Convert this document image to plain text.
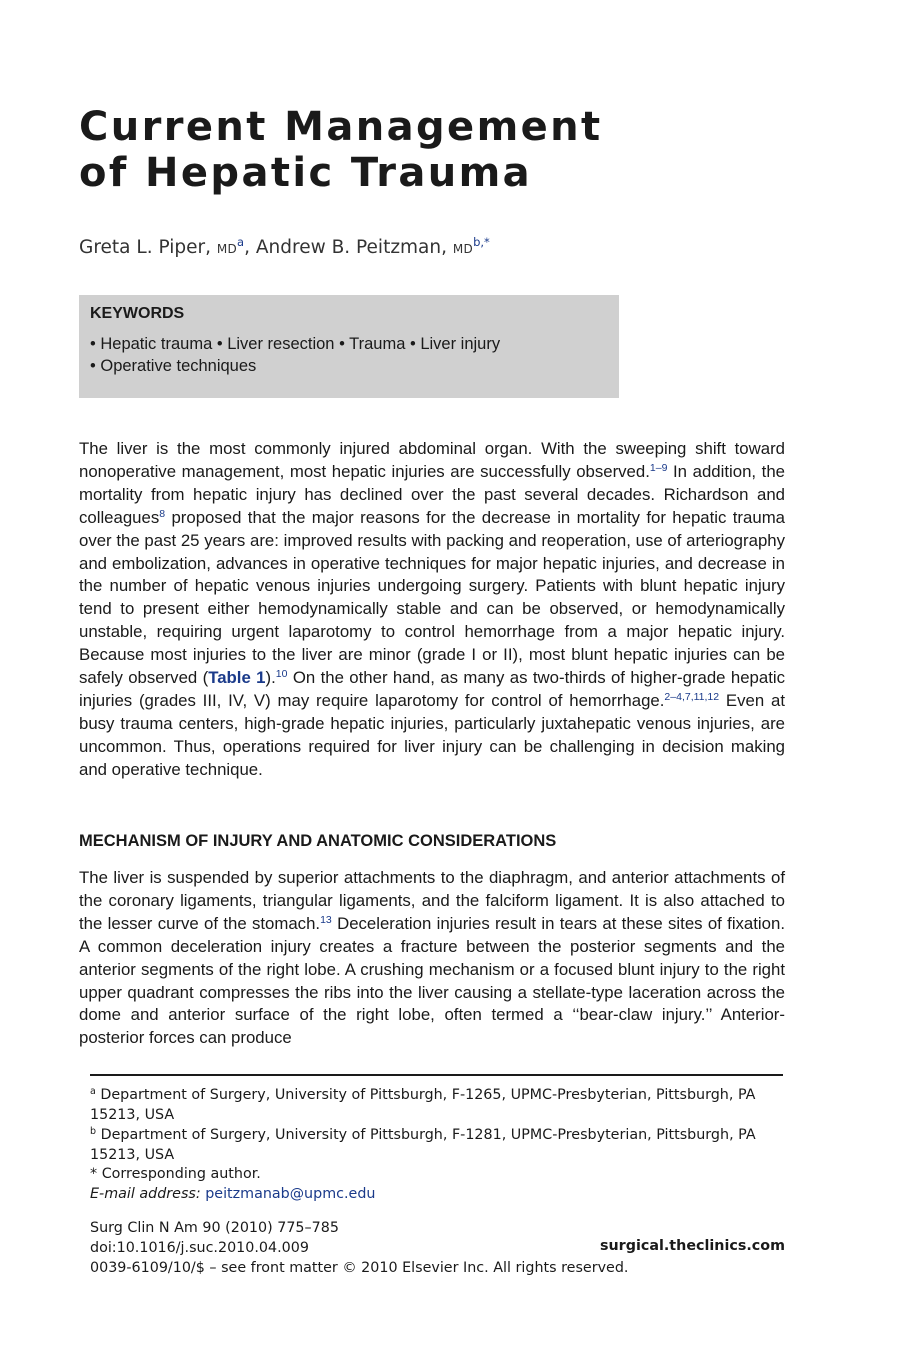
Current Management
of Hepatic Trauma
Greta L. Piper, $MD^a$, Andrew B. Peitzman, $MD^{b,*}$
KEYWORDS
• Hepatic trauma • Liver resection • Trauma • Liver injury
• Operative techniques

The liver is the most commonly injured abdominal organ. With the sweeping shift toward nonoperative management, most hepatic injuries are successfully observed.$^{1-9}$ In addition, the mortality from hepatic injury has declined over the past several decades. Richardson and colleagues$^8$ proposed that the major reasons for the decrease in mortality for hepatic trauma over the past 25 years are: improved results with packing and reoperation, use of arteriography and embolization, advances in operative techniques for major hepatic injuries, and decrease in the number of hepatic venous injuries undergoing surgery. Patients with blunt hepatic injury tend to present either hemodynamically stable and can be observed, or hemodynamically unstable, requiring urgent laparotomy to control hemorrhage from a major hepatic injury. Because most injuries to the liver are minor (grade I or II), most blunt hepatic injuries can be safely observed (Table 1).$^{10}$ On the other hand, as many as two-thirds of higher-grade hepatic injuries (grades III, IV, V) may require laparotomy for control of hemorrhage.$^{2-4,7,11,12}$ Even at busy trauma centers, high-grade hepatic injuries, particularly juxtahepatic venous injuries, are uncommon. Thus, operations required for liver injury can be challenging in decision making and operative technique.

MECHANISM OF INJURY AND ANATOMIC CONSIDERATIONS

The liver is suspended by superior attachments to the diaphragm, and anterior attachments of the coronary ligaments, triangular ligaments, and the falciform ligament. It is also attached to the lesser curve of the stomach.$^{13}$ Deceleration injuries result in tears at these sites of fixation. A common deceleration injury creates a fracture between the posterior segments and the anterior segments of the right lobe. A crushing mechanism or a focused blunt injury to the right upper quadrant compresses the ribs into the liver causing a stellate-type laceration across the dome and anterior surface of the right lobe, often termed a ‘‘bear-claw injury.’’ Anterior-posterior forces can produce

$^a$ Department of Surgery, University of Pittsburgh, F-1265, UPMC-Presbyterian, Pittsburgh, PA 15213, USA
$^b$ Department of Surgery, University of Pittsburgh, F-1281, UPMC-Presbyterian, Pittsburgh, PA 15213, USA
* Corresponding author.
E-mail address: peitzmanab@upmc.edu
Surg Clin N Am 90 (2010) 775–785
doi:10.1016/j.suc.2010.04.009	surgical.theclinics.com
0039-6109/10/$ – see front matter © 2010 Elsevier Inc. All rights reserved.
